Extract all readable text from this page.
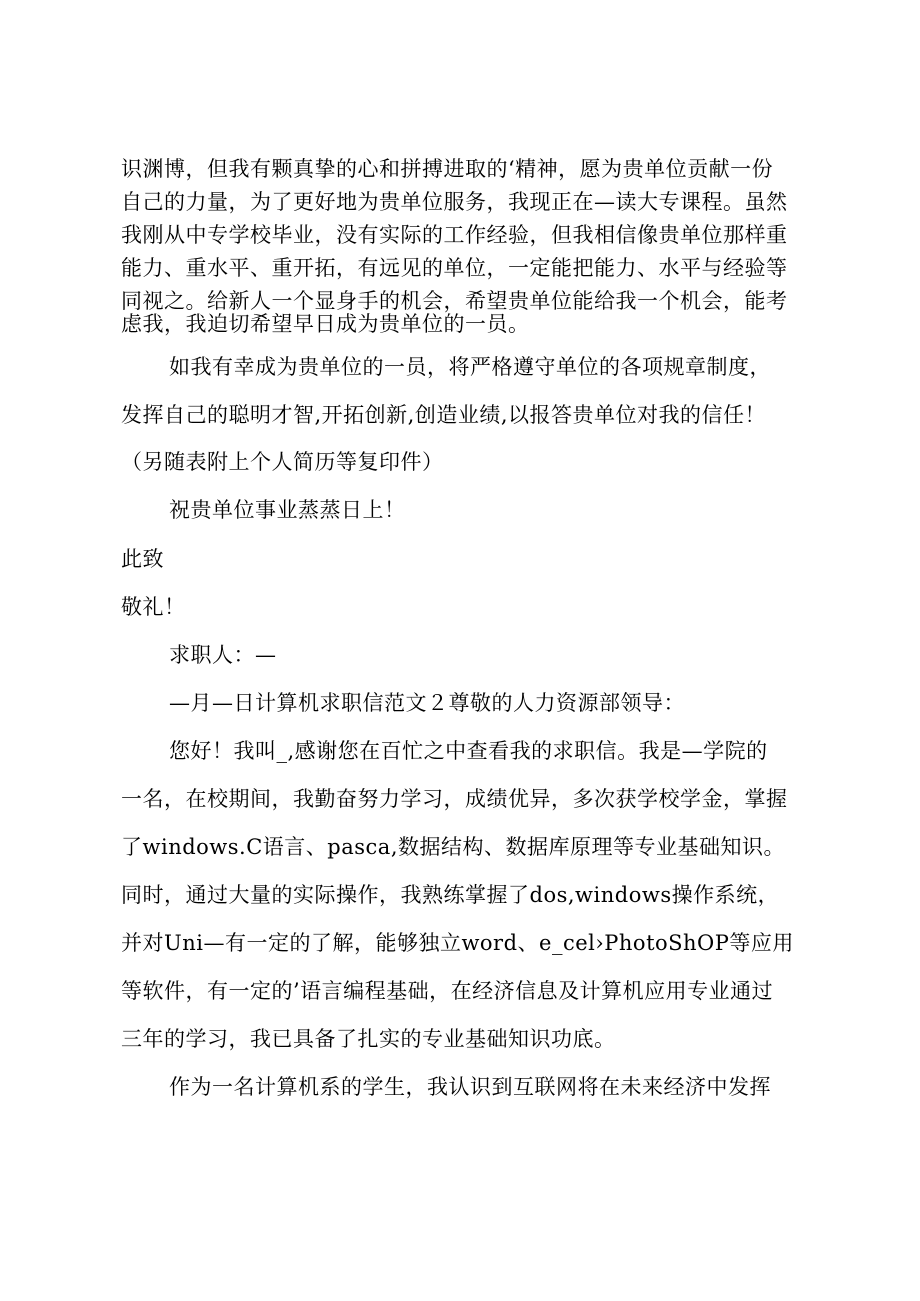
识渊博，但我有颗真挚的心和拼搏进取的‘精神，愿为贵单位贡献一份
自己的力量，为了更好地为贵单位服务，我现正在—读大专课程。虽然
我刚从中专学校毕业，没有实际的工作经验，但我相信像贵单位那样重
能力、重水平、重开拓，有远见的单位，一定能把能力、水平与经验等
同视之。给新人一个显身手的机会，希望贵单位能给我一个机会，能考
虑我，我迫切希望早日成为贵单位的一员。
如我有幸成为贵单位的一员，将严格遵守单位的各项规章制度，
发挥自己的聪明才智,开拓创新,创造业绩,以报答贵单位对我的信任！
（另随表附上个人简历等复印件）
祝贵单位事业蒸蒸日上！
此致
敬礼！
求职人：—
—月—日计算机求职信范文２尊敬的人力资源部领导：
您好！我叫_,感谢您在百忙之中查看我的求职信。我是—学院的
一名，在校期间，我勤奋努力学习，成绩优异，多次获学校学金，掌握
了windows.C语言、pasca,数据结构、数据库原理等专业基础知识。
同时，通过大量的实际操作，我熟练掌握了dos,windows操作系统，
并对Uni—有一定的了解，能够独立word、e_cel›PhotoShOP等应用
等软件，有一定的’语言编程基础，在经济信息及计算机应用专业通过
三年的学习，我已具备了扎实的专业基础知识功底。
作为一名计算机系的学生，我认识到互联网将在未来经济中发挥
